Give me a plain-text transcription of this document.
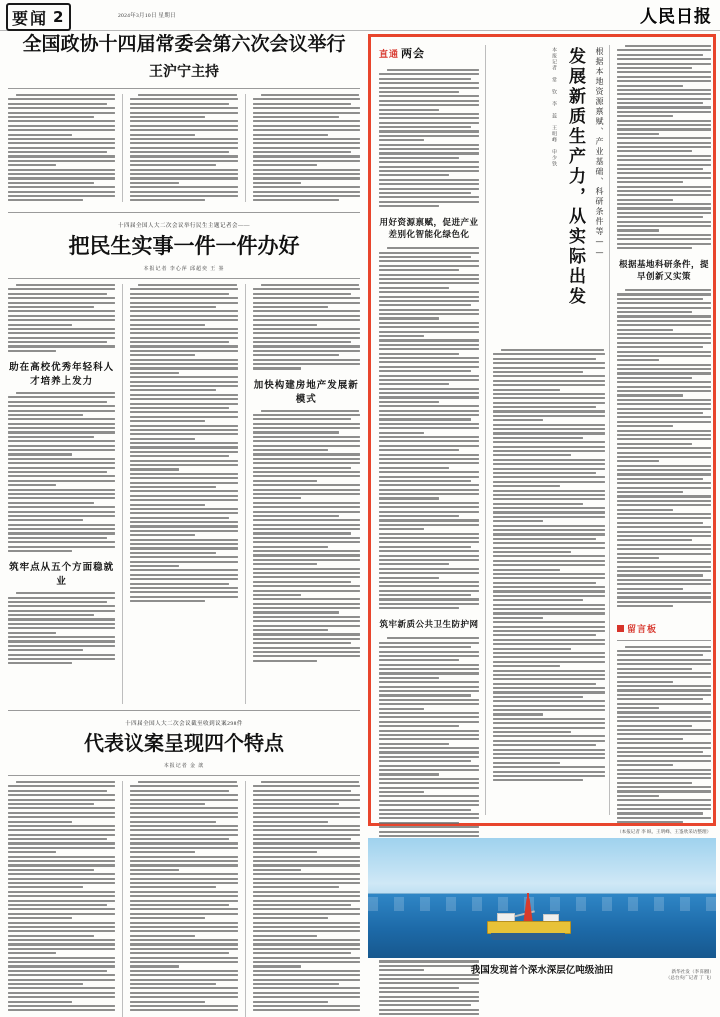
要闻 2	2024年3月10日 星期日	人民日报
全国政协十四届常委会第六次会议举行
王沪宁主持
十四届全国人大二次会议举行民生主题记者会——
把民生实事一件一件办好
本报记者 李心萍 邱超奕 王 崟
助在高校优秀年轻科人才培养上发力
筑牢点从五个方面稳就业
加快构建房地产发展新模式
十四届全国人大二次会议截至收到议案298件
代表议案呈现四个特点
本报记者 金 歆
直通 两会
用好资源禀赋，促进产业差别化智能化绿色化
筑牢新质公共卫生防护网
根据本地资源禀赋、产业基础、科研条件等——
发展新质生产力，从实际出发
本报记者 常 钦 李 蕊 王明峰 申少铁
根据基地科研条件，提早创新又实策
留言板
（本报记者 李 纵、王明峰、王崟欣采访整理）
我国发现首个深水深层亿吨级油田	新华社发（李 阳摄）
（总台央广记者 丁 飞）
